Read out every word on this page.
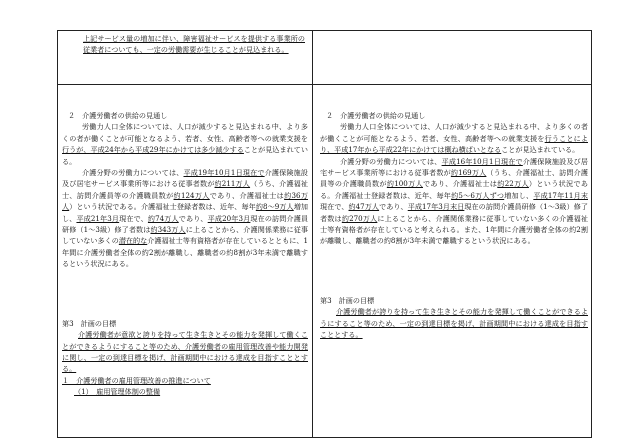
上記サービス量の増加に伴い、障害福祉サービスを提供する事業所の従業者についても、一定の労働需要が生じることが見込まれる。

２　介護労働者の供給の見通し

労働力人口全体については、人口が減少すると見込まれる中、より多くの者が働くことが可能となるよう、若者、女性、高齢者等への就業支援を行うが、平成24年から平成29年にかけては多少減少することが見込まれている。

介護分野の労働力については、平成19年10月1日現在で介護保険施設及び居宅サービス事業所等における従事者数が約211万人（うち、介護福祉士、訪問介護員等の介護職員数が約124万人であり、介護福祉士は約36万人）という状況である。介護福祉士登録者数は、近年、毎年約8～9万人増加し、平成21年3月現在で、約74万人であり、平成20年3月現在の訪問介護員研修（1～3級）修了者数は約343万人に上ることから、介護関係業務に従事していない多くの潜在的な介護福祉士等有資格者が存在しているとともに、1年間に介護労働者全体の約2割が離職し、離職者の約8割が3年未満で離職するという状況にある。

第3　計画の目標

介護労働者が意欲と誇りを持って生き生きとその能力を発揮して働くことができるようにすること等のため、介護労働者の雇用管理改善や能力開発に関し、一定の到達目標を掲げ、計画期間中における達成を目指すこととする。

１　介護労働者の雇用管理改善の推進について

（1）　雇用管理体制の整備

２　介護労働者の供給の見通し

労働力人口全体については、人口が減少すると見込まれる中、より多くの者が働くことが可能となるよう、若者、女性、高齢者等への就業支援を行うことにより、平成17年から平成22年にかけては概ね横ばいとなることが見込まれている。

介護分野の労働力については、平成16年10月1日現在で介護保険施設及び居宅サービス事業所等における従事者数が約169万人（うち、介護福祉士、訪問介護員等の介護職員数が約100万人であり、介護福祉士は約22万人）という状況である。介護福祉士登録者数は、近年、毎年約5～6万人ずつ増加し、平成17年11月末現在で、約47万人であり、平成17年3月末日現在の訪問介護員研修（1～3級）修了者数は約270万人に上ることから、介護関係業務に従事していない多くの介護福祉士等有資格者が存在していると考えられる。また、1年間に介護労働者全体の約2割が離職し、離職者の約8割が3年未満で離職するという状況にある。

第3　計画の目標

介護労働者が誇りを持って生き生きとその能力を発揮して働くことができるようにすること等のため、一定の到達目標を掲げ、計画期間中における達成を目指すこととする。
